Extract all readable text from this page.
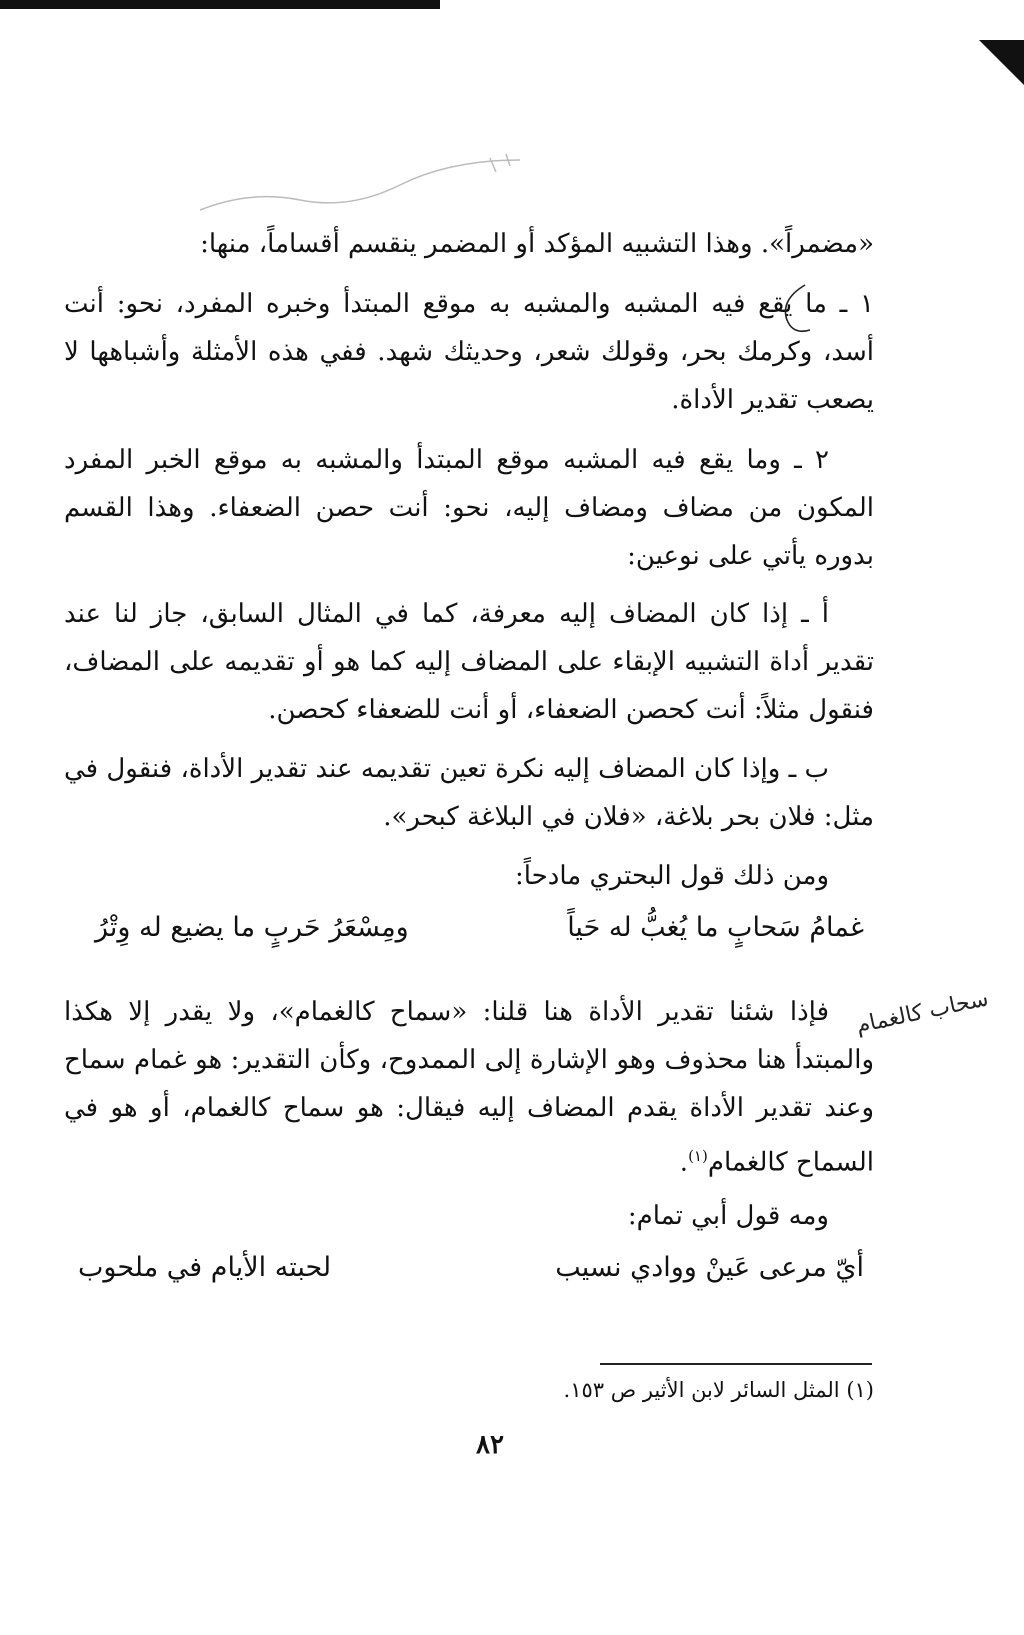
«مضمراً». وهذا التشبيه المؤكد أو المضمر ينقسم أقساماً، منها:

١ ـ ما يقع فيه المشبه والمشبه به موقع المبتدأ وخبره المفرد، نحو: أنت أسد، وكرمك بحر، وقولك شعر، وحديثك شهد. ففي هذه الأمثلة وأشباهها لا يصعب تقدير الأداة.

٢ ـ وما يقع فيه المشبه موقع المبتدأ والمشبه به موقع الخبر المفرد المكون من مضاف ومضاف إليه، نحو: أنت حصن الضعفاء. وهذا القسم بدوره يأتي على نوعين:

أ ـ إذا كان المضاف إليه معرفة، كما في المثال السابق، جاز لنا عند تقدير أداة التشبيه الإبقاء على المضاف إليه كما هو أو تقديمه على المضاف، فنقول مثلاً: أنت كحصن الضعفاء، أو أنت للضعفاء كحصن.

ب ـ وإذا كان المضاف إليه نكرة تعين تقديمه عند تقدير الأداة، فنقول في مثل: فلان بحر بلاغة، «فلان في البلاغة كبحر».

ومن ذلك قول البحتري مادحاً:

غمامُ سَحابٍ ما يُغبُّ له حَياً
ومِسْعَرُ حَربٍ ما يضيع له وِتْرُ
سحاب كالغمام

فإذا شئنا تقدير الأداة هنا قلنا: «سماح كالغمام»، ولا يقدر إلا هكذا والمبتدأ هنا محذوف وهو الإشارة إلى الممدوح، وكأن التقدير: هو غمام سماح وعند تقدير الأداة يقدم المضاف إليه فيقال: هو سماح كالغمام، أو هو في السماح كالغمام$^{(١)}$.

ومه قول أبي تمام:

أيّ مرعى عَينْ ووادي نسيب
لحبته الأيام في ملحوب

(١) المثل السائر لابن الأثير ص ١٥٣.

٨٢
